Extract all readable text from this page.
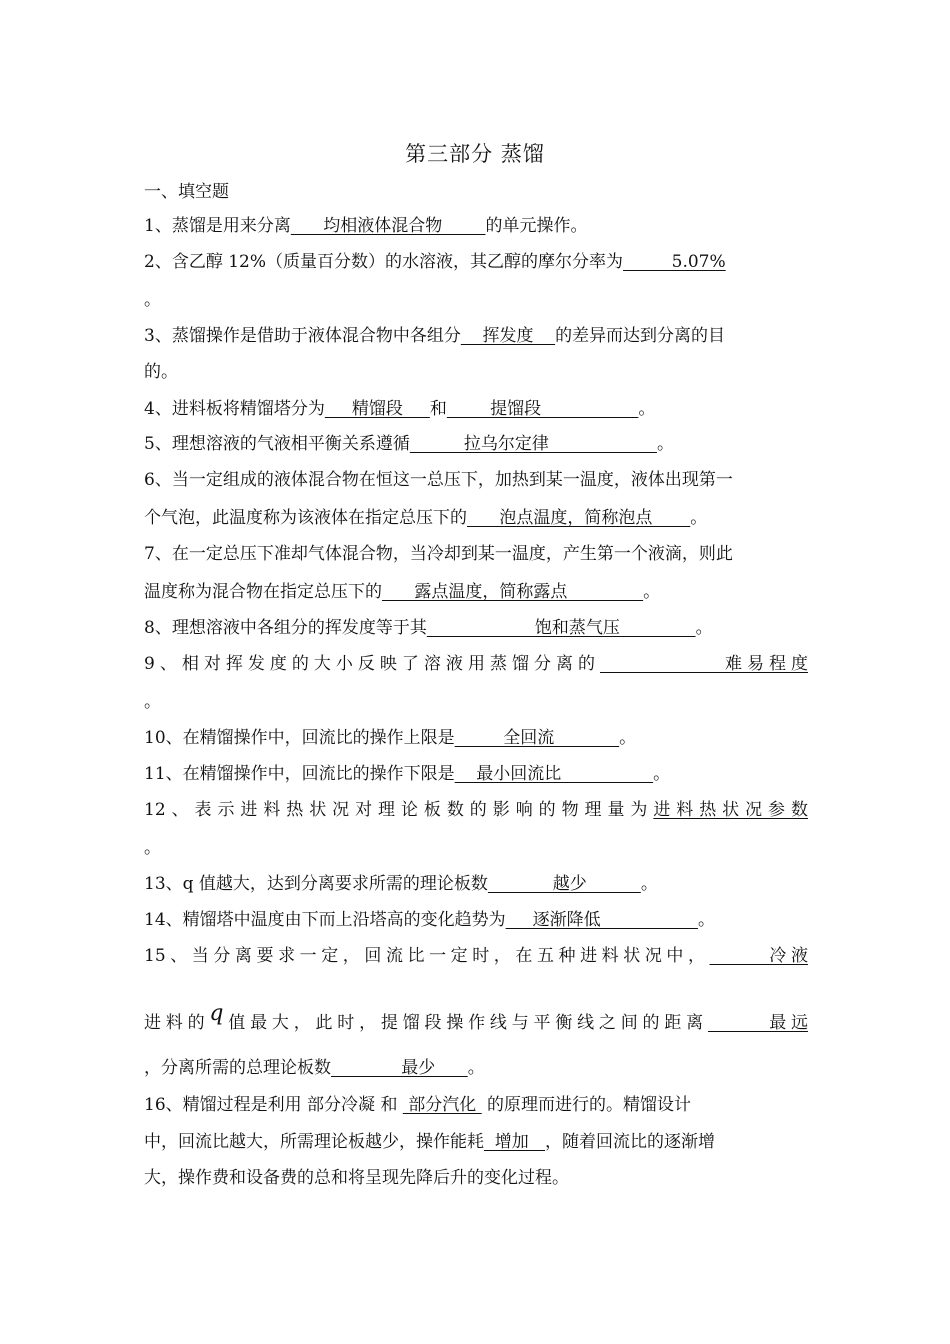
第三部分 蒸馏
一、填空题
1、蒸馏是用来分离      均相液体混合物        的单元操作。
2、含乙醇 12%（质量百分数）的水溶液，其乙醇的摩尔分率为         5.07%
。
3、蒸馏操作是借助于液体混合物中各组分    挥发度    的差异而达到分离的目
的。
4、进料板将精馏塔分为     精馏段     和        提馏段                  。
5、理想溶液的气液相平衡关系遵循          拉乌尔定律                    。
6、当一定组成的液体混合物在恒这一总压下，加热到某一温度，液体出现第一
个气泡，此温度称为该液体在指定总压下的      泡点温度，简称泡点       。
7、在一定总压下准却气体混合物，当冷却到某一温度，产生第一个液滴，则此
温度称为混合物在指定总压下的      露点温度，简称露点              。
8、理想溶液中各组分的挥发度等于其                    饱和蒸气压              。
9、相对挥发度的大小反映了溶液用蒸馏分离的            难易程度
。
10、在精馏操作中，回流比的操作上限是         全回流            。
11、在精馏操作中，回流比的操作下限是    最小回流比                 。
12、表示进料热状况对理论板数的影响的物理量为进料热状况参数
。
13、q 值越大，达到分离要求所需的理论板数            越少          。
14、精馏塔中温度由下而上沿塔高的变化趋势为     逐渐降低                  。
15、当分离要求一定，回流比一定时，在五种进料状况中，      冷液
进料的q值最大，此时，提馏段操作线与平衡线之间的距离      最远
，分离所需的总理论板数             最少      。
16、精馏过程是利用 部分冷凝 和  部分汽化  的原理而进行的。精馏设计
中，回流比越大，所需理论板越少，操作能耗  增加   ，随着回流比的逐渐增
大，操作费和设备费的总和将呈现先降后升的变化过程。
